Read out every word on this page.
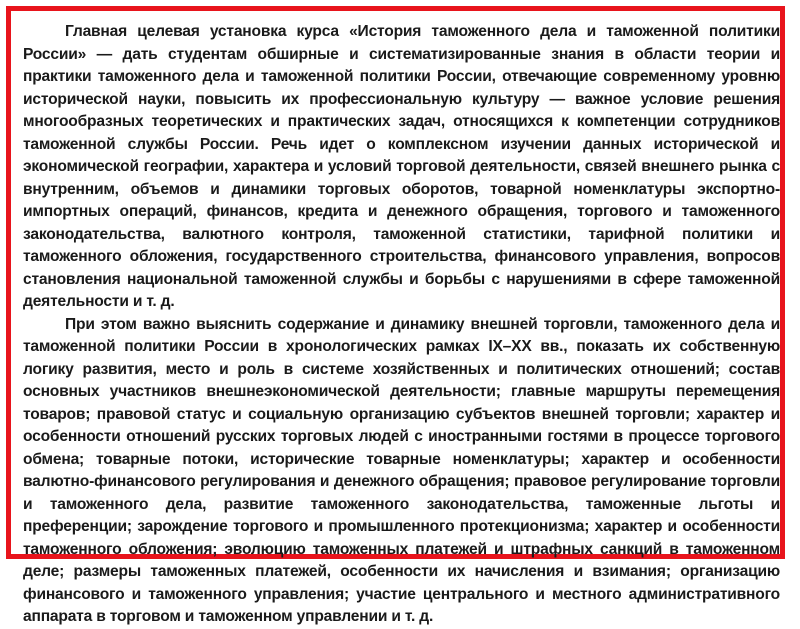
Главная целевая установка курса «История таможенного дела и таможенной политики России» — дать студентам обширные и систематизированные знания в области теории и практики таможенного дела и таможенной политики России, отвечающие современному уровню исторической науки, повысить их профессиональную культуру — важное условие решения многообразных теоретических и практических задач, относящихся к компетенции сотрудников таможенной службы России. Речь идет о комплексном изучении данных исторической и экономической географии, характера и условий торговой деятельности, связей внешнего рынка с внутренним, объемов и динамики торговых оборотов, товарной номенклатуры экспортно-импортных операций, финансов, кредита и денежного обращения, торгового и таможенного законодательства, валютного контроля, таможенной статистики, тарифной политики и таможенного обложения, государственного строительства, финансового управления, вопросов становления национальной таможенной службы и борьбы с нарушениями в сфере таможенной деятельности и т. д.

При этом важно выяснить содержание и динамику внешней торговли, таможенного дела и таможенной политики России в хронологических рамках IX–XX вв., показать их собственную логику развития, место и роль в системе хозяйственных и политических отношений; состав основных участников внешнеэкономической деятельности; главные маршруты перемещения товаров; правовой статус и социальную организацию субъектов внешней торговли; характер и особенности отношений русских торговых людей с иностранными гостями в процессе торгового обмена; товарные потоки, исторические товарные номенклатуры; характер и особенности валютно-финансового регулирования и денежного обращения; правовое регулирование торговли и таможенного дела, развитие таможенного законодательства, таможенные льготы и преференции; зарождение торгового и промышленного протекционизма; характер и особенности таможенного обложения; эволюцию таможенных платежей и штрафных санкций в таможенном деле; размеры таможенных платежей, особенности их начисления и взимания; организацию финансового и таможенного управления; участие центрального и местного административного аппарата в торговом и таможенном управлении и т. д.
